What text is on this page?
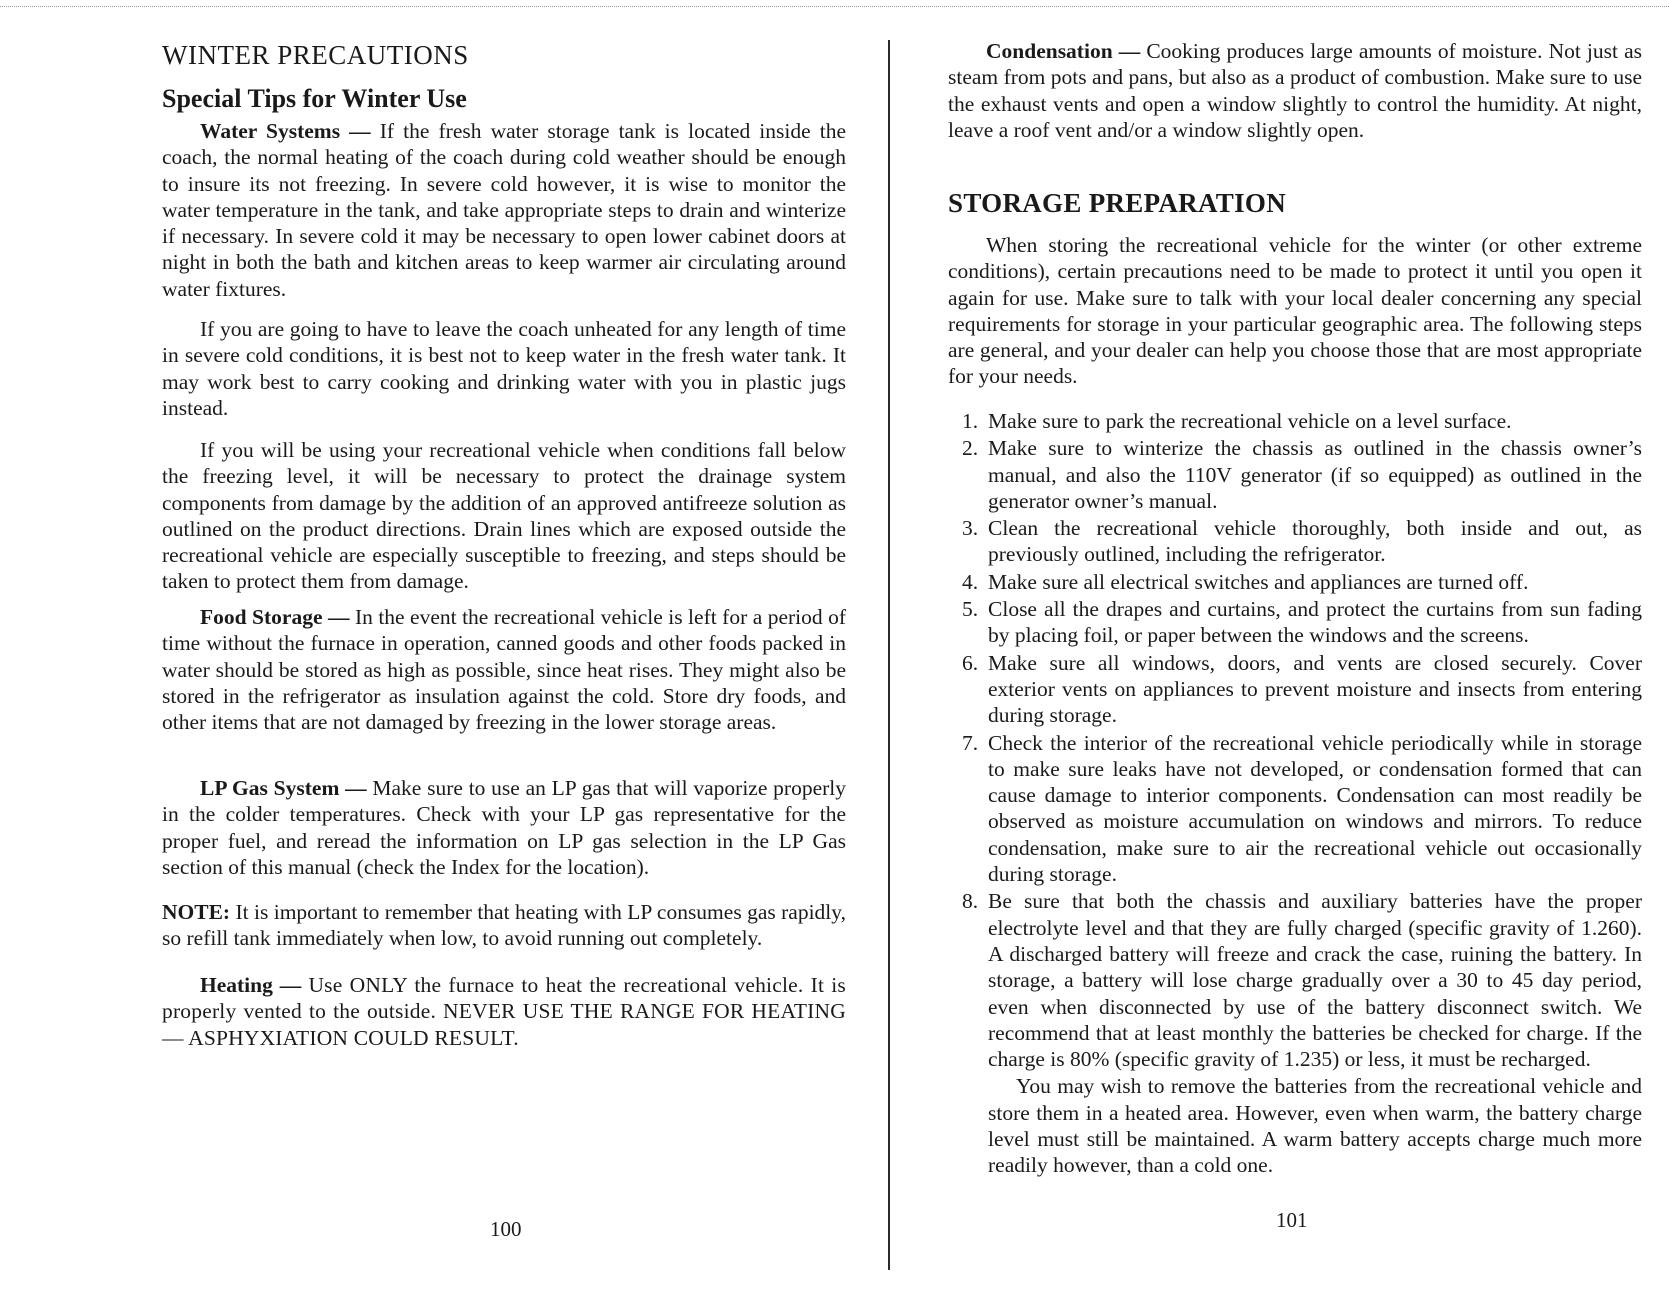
WINTER PRECAUTIONS
Special Tips for Winter Use

Water Systems — If the fresh water storage tank is located inside the coach, the normal heating of the coach during cold weather should be enough to insure its not freezing. In severe cold however, it is wise to monitor the water temperature in the tank, and take appropriate steps to drain and winterize if necessary. In severe cold it may be necessary to open lower cabinet doors at night in both the bath and kitchen areas to keep warmer air circulating around water fixtures.

If you are going to have to leave the coach unheated for any length of time in severe cold conditions, it is best not to keep water in the fresh water tank. It may work best to carry cooking and drinking water with you in plastic jugs instead.

If you will be using your recreational vehicle when conditions fall below the freezing level, it will be necessary to protect the drainage system components from damage by the addition of an approved antifreeze solution as outlined on the product directions. Drain lines which are exposed outside the recreational vehicle are especially susceptible to freezing, and steps should be taken to protect them from damage.

Food Storage — In the event the recreational vehicle is left for a period of time without the furnace in operation, canned goods and other foods packed in water should be stored as high as possible, since heat rises. They might also be stored in the refrigerator as insulation against the cold. Store dry foods, and other items that are not damaged by freezing in the lower storage areas.

LP Gas System — Make sure to use an LP gas that will vaporize properly in the colder temperatures. Check with your LP gas representative for the proper fuel, and reread the information on LP gas selection in the LP Gas section of this manual (check the Index for the location).

NOTE: It is important to remember that heating with LP consumes gas rapidly, so refill tank immediately when low, to avoid running out completely.

Heating — Use ONLY the furnace to heat the recreational vehicle. It is properly vented to the outside. NEVER USE THE RANGE FOR HEATING — ASPHYXIATION COULD RESULT.

100

Condensation — Cooking produces large amounts of moisture. Not just as steam from pots and pans, but also as a product of combustion. Make sure to use the exhaust vents and open a window slightly to control the humidity. At night, leave a roof vent and/or a window slightly open.

STORAGE PREPARATION

When storing the recreational vehicle for the winter (or other extreme conditions), certain precautions need to be made to protect it until you open it again for use. Make sure to talk with your local dealer concerning any special requirements for storage in your particular geographic area. The following steps are general, and your dealer can help you choose those that are most appropriate for your needs.

1. Make sure to park the recreational vehicle on a level surface.
2. Make sure to winterize the chassis as outlined in the chassis owner’s manual, and also the 110V generator (if so equipped) as outlined in the generator owner’s manual.
3. Clean the recreational vehicle thoroughly, both inside and out, as previously outlined, including the refrigerator.
4. Make sure all electrical switches and appliances are turned off.
5. Close all the drapes and curtains, and protect the curtains from sun fading by placing foil, or paper between the windows and the screens.
6. Make sure all windows, doors, and vents are closed securely. Cover exterior vents on appliances to prevent moisture and insects from entering during storage.
7. Check the interior of the recreational vehicle periodically while in storage to make sure leaks have not developed, or condensation formed that can cause damage to interior components. Condensation can most readily be observed as moisture accumulation on windows and mirrors. To reduce condensation, make sure to air the recreational vehicle out occasionally during storage.
8. Be sure that both the chassis and auxiliary batteries have the proper electrolyte level and that they are fully charged (specific gravity of 1.260). A discharged battery will freeze and crack the case, ruining the battery. In storage, a battery will lose charge gradually over a 30 to 45 day period, even when disconnected by use of the battery disconnect switch. We recommend that at least monthly the batteries be checked for charge. If the charge is 80% (specific gravity of 1.235) or less, it must be recharged.

You may wish to remove the batteries from the recreational vehicle and store them in a heated area. However, even when warm, the battery charge level must still be maintained. A warm battery accepts charge much more readily however, than a cold one.

101
